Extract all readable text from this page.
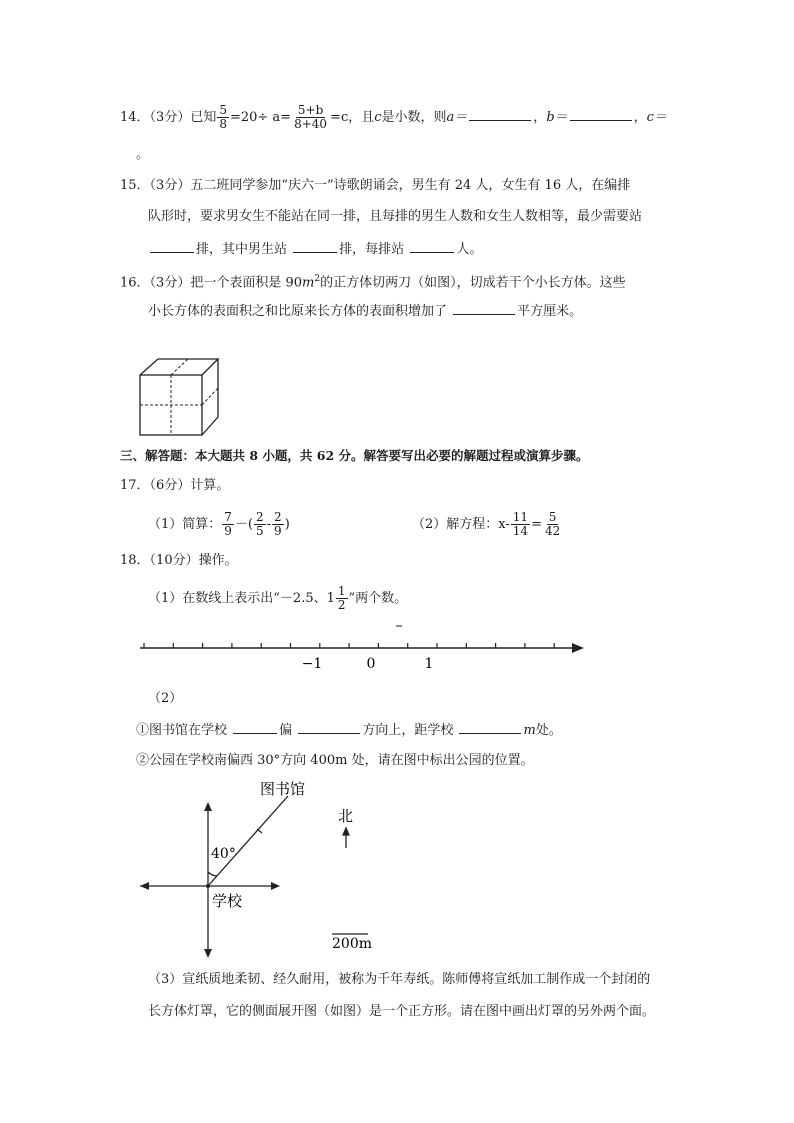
14．（3分）已知 $\frac{5}{8} =20\div a= \frac{5+b}{8+40} =c$，且c是小数，则a＝	，b＝	，c＝
。
15．（3分）五二班同学参加“庆六一”诗歌朗诵会，男生有 24 人，女生有 16 人，在编排
队形时，要求男女生不能站在同一排，且每排的男生人数和女生人数相等，最少需要站
排，其中男生站	排，每排站	人。
16．（3分）把一个表面积是 $90m^2$的正方体切两刀（如图），切成若干个小长方体。这些
小长方体的表面积之和比原来长方体的表面积增加了	平方厘米。
三、解答题：本大题共 8 小题，共 62 分。解答要写出必要的解题过程或演算步骤。
17．（6分）计算。
（1）简算： $\frac{7}{9}$ －( $\frac{2}{5} - \frac{2}{9}$ )	（2）解方程：$x- \frac{11}{14} = \frac{5}{42}$
18．（10分）操作。
（1）在数线上表示出“－2.5、$1 \frac{1}{2}$ ”两个数。
−1	0	1
（2）
①图书馆在学校	偏	方向上，距学校	m处。
②公园在学校南偏西 30°方向 400m 处，请在图中标出公园的位置。
图书馆
40°
学校
北
200m
（3）宣纸质地柔韧、经久耐用，被称为千年寿纸。陈师傅将宣纸加工制作成一个封闭的
长方体灯罩，它的侧面展开图（如图）是一个正方形。请在图中画出灯罩的另外两个面。
